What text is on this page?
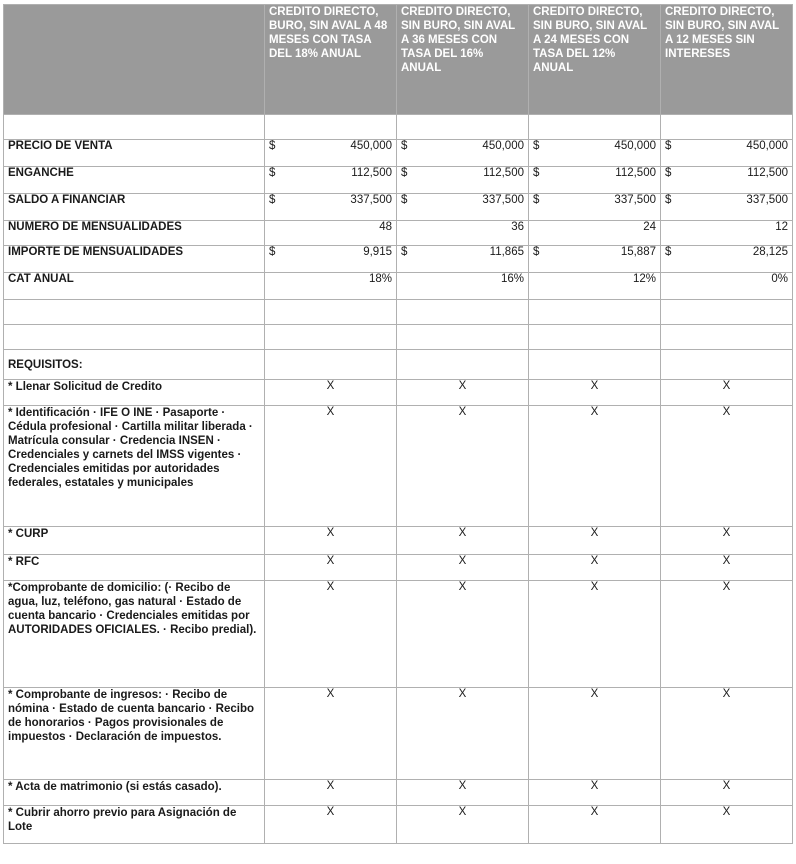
	CREDITO DIRECTO, BURO, SIN AVAL A 48 MESES CON TASA DEL 18% ANUAL	CREDITO DIRECTO, SIN BURO, SIN AVAL A 36 MESES CON TASA DEL 16% ANUAL	CREDITO DIRECTO, SIN BURO, SIN AVAL A 24 MESES CON TASA DEL 12% ANUAL	CREDITO DIRECTO, SIN BURO, SIN AVAL A 12 MESES SIN INTERESES

PRECIO DE VENTA	$ 450,000	$ 450,000	$ 450,000	$ 450,000

ENGANCHE	$ 112,500	$ 112,500	$ 112,500	$ 112,500

SALDO A FINANCIAR	$ 337,500	$ 337,500	$ 337,500	$ 337,500

NUMERO DE MENSUALIDADES	48	36	24	12
IMPORTE DE MENSUALIDADES	$ 9,915	$ 11,865	$ 15,887	$ 28,125

CAT ANUAL	18%	16%	12%	0%

REQUISITOS:				
* Llenar Solicitud de Credito	X	X	X	X
* Identificación · IFE O INE · Pasaporte · Cédula profesional · Cartilla militar liberada · Matrícula consular · Credencia INSEN · Credenciales y carnets del IMSS vigentes · Credenciales emitidas por autoridades federales, estatales y municipales	X	X	X	X
* CURP	X	X	X	X
* RFC	X	X	X	X
*Comprobante de domicilio: (· Recibo de agua, luz, teléfono, gas natural · Estado de cuenta bancario · Credenciales emitidas por AUTORIDADES OFICIALES. · Recibo predial).	X	X	X	X
* Comprobante de ingresos: · Recibo de nómina · Estado de cuenta bancario · Recibo de honorarios · Pagos provisionales de impuestos · Declaración de impuestos.	X	X	X	X
* Acta de matrimonio (si estás casado).	X	X	X	X
* Cubrir ahorro previo para Asignación de Lote	X	X	X	X
